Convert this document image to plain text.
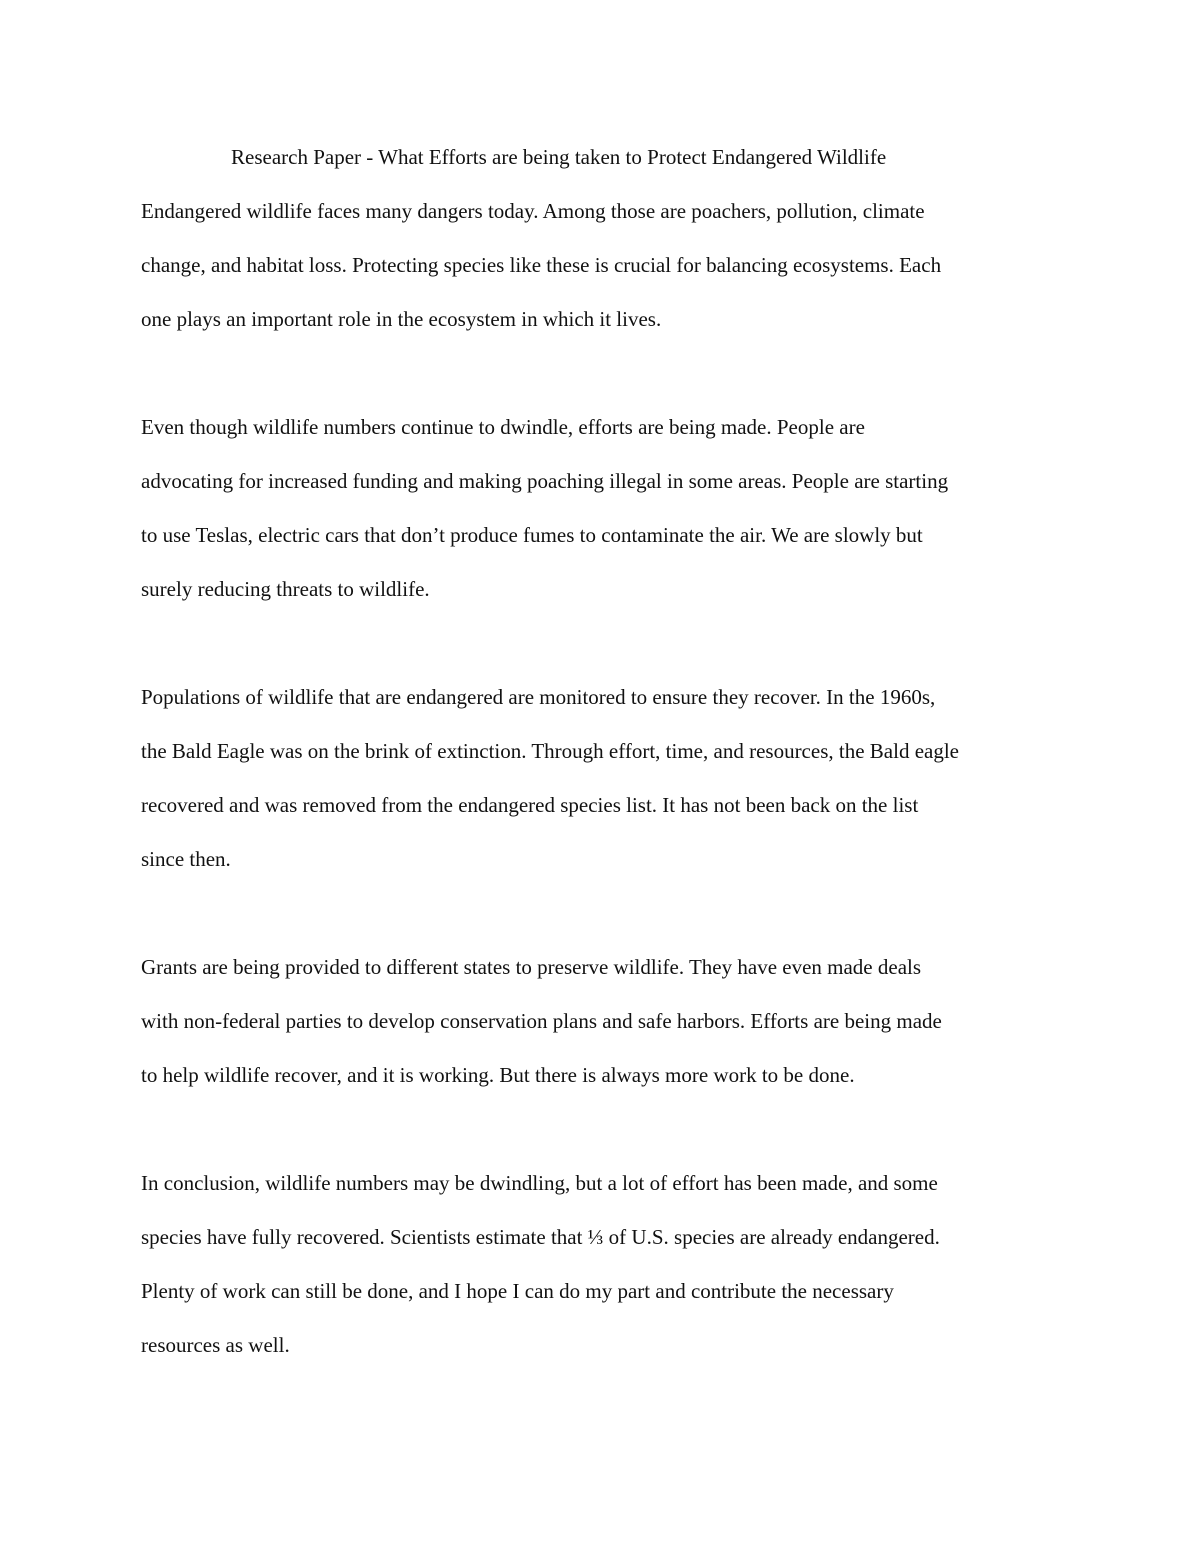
Research Paper - What Efforts are being taken to Protect Endangered Wildlife

Endangered wildlife faces many dangers today. Among those are poachers, pollution, climate
change, and habitat loss. Protecting species like these is crucial for balancing ecosystems. Each
one plays an important role in the ecosystem in which it lives.

Even though wildlife numbers continue to dwindle, efforts are being made. People are
advocating for increased funding and making poaching illegal in some areas. People are starting
to use Teslas, electric cars that don’t produce fumes to contaminate the air. We are slowly but
surely reducing threats to wildlife.

Populations of wildlife that are endangered are monitored to ensure they recover. In the 1960s,
the Bald Eagle was on the brink of extinction. Through effort, time, and resources, the Bald eagle
recovered and was removed from the endangered species list. It has not been back on the list
since then.

Grants are being provided to different states to preserve wildlife. They have even made deals
with non-federal parties to develop conservation plans and safe harbors. Efforts are being made
to help wildlife recover, and it is working. But there is always more work to be done.

In conclusion, wildlife numbers may be dwindling, but a lot of effort has been made, and some
species have fully recovered. Scientists estimate that ⅓ of U.S. species are already endangered.
Plenty of work can still be done, and I hope I can do my part and contribute the necessary
resources as well.
